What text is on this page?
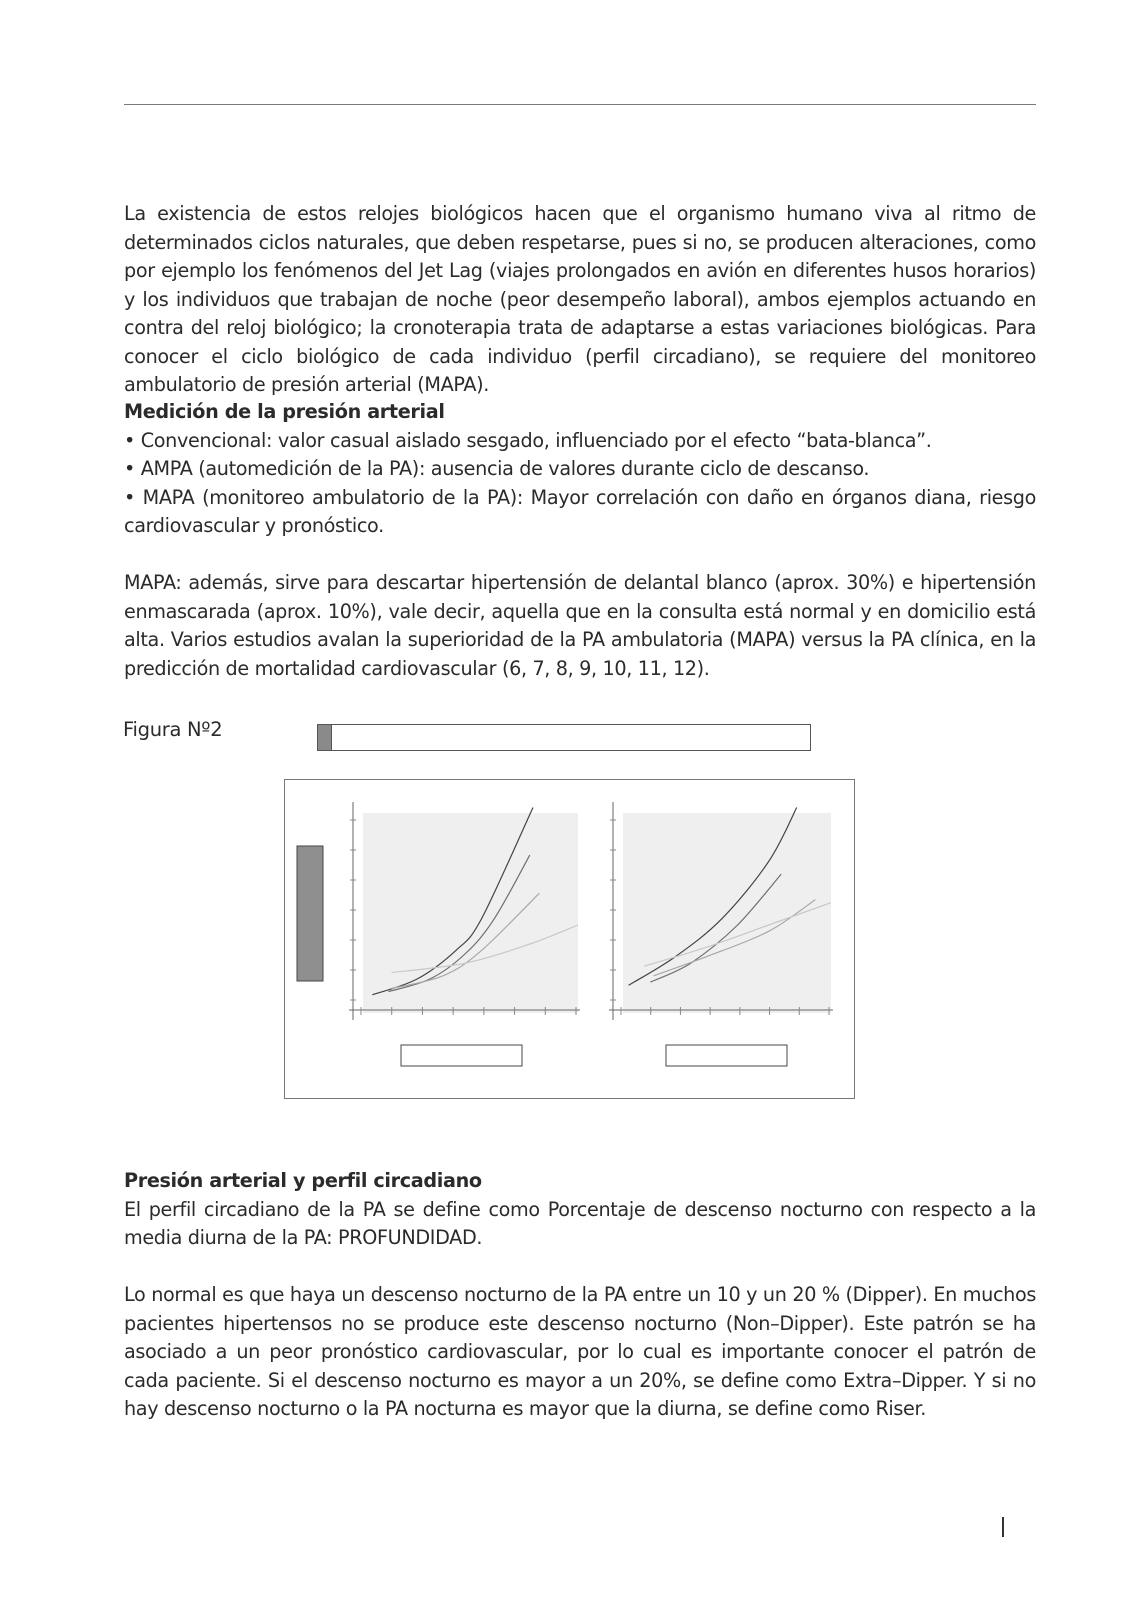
La existencia de estos relojes biológicos hacen que el organismo humano viva al ritmo de determinados ciclos naturales, que deben respetarse, pues si no, se producen alteraciones, como por ejemplo los fenómenos del Jet Lag (viajes prolongados en avión en diferentes husos horarios) y los individuos que trabajan de noche (peor desempeño laboral), ambos ejemplos actuando en contra del reloj biológico; la cronoterapia trata de adaptarse a estas variaciones biológicas. Para conocer el ciclo biológico de cada individuo (perfil circadiano), se requiere del monitoreo ambulatorio de presión arterial (MAPA).

Medición de la presión arterial

• Convencional: valor casual aislado sesgado, influenciado por el efecto “bata-blanca”.

• AMPA (automedición de la PA): ausencia de valores durante ciclo de descanso.

• MAPA (monitoreo ambulatorio de la PA): Mayor correlación con daño en órganos diana, riesgo cardiovascular y pronóstico.

MAPA: además, sirve para descartar hipertensión de delantal blanco (aprox. 30%) e hipertensión enmascarada (aprox. 10%), vale decir, aquella que en la consulta está normal y en domicilio está alta. Varios estudios avalan la superioridad de la PA ambulatoria (MAPA) versus la PA clínica, en la predicción de mortalidad cardiovascular (6, 7, 8, 9, 10, 11, 12).

Figura Nº2

Presión arterial y perfil circadiano

El perfil circadiano de la PA se define como Porcentaje de descenso nocturno con respecto a la media diurna de la PA: PROFUNDIDAD.

Lo normal es que haya un descenso nocturno de la PA entre un 10 y un 20 % (Dipper). En muchos pacientes hipertensos no se produce este descenso nocturno (Non–Dipper). Este patrón se ha asociado a un peor pronóstico cardiovascular, por lo cual es importante conocer el patrón de cada paciente. Si el descenso nocturno es mayor a un 20%, se define como Extra–Dipper. Y si no hay descenso nocturno o la PA nocturna es mayor que la diurna, se define como Riser.
